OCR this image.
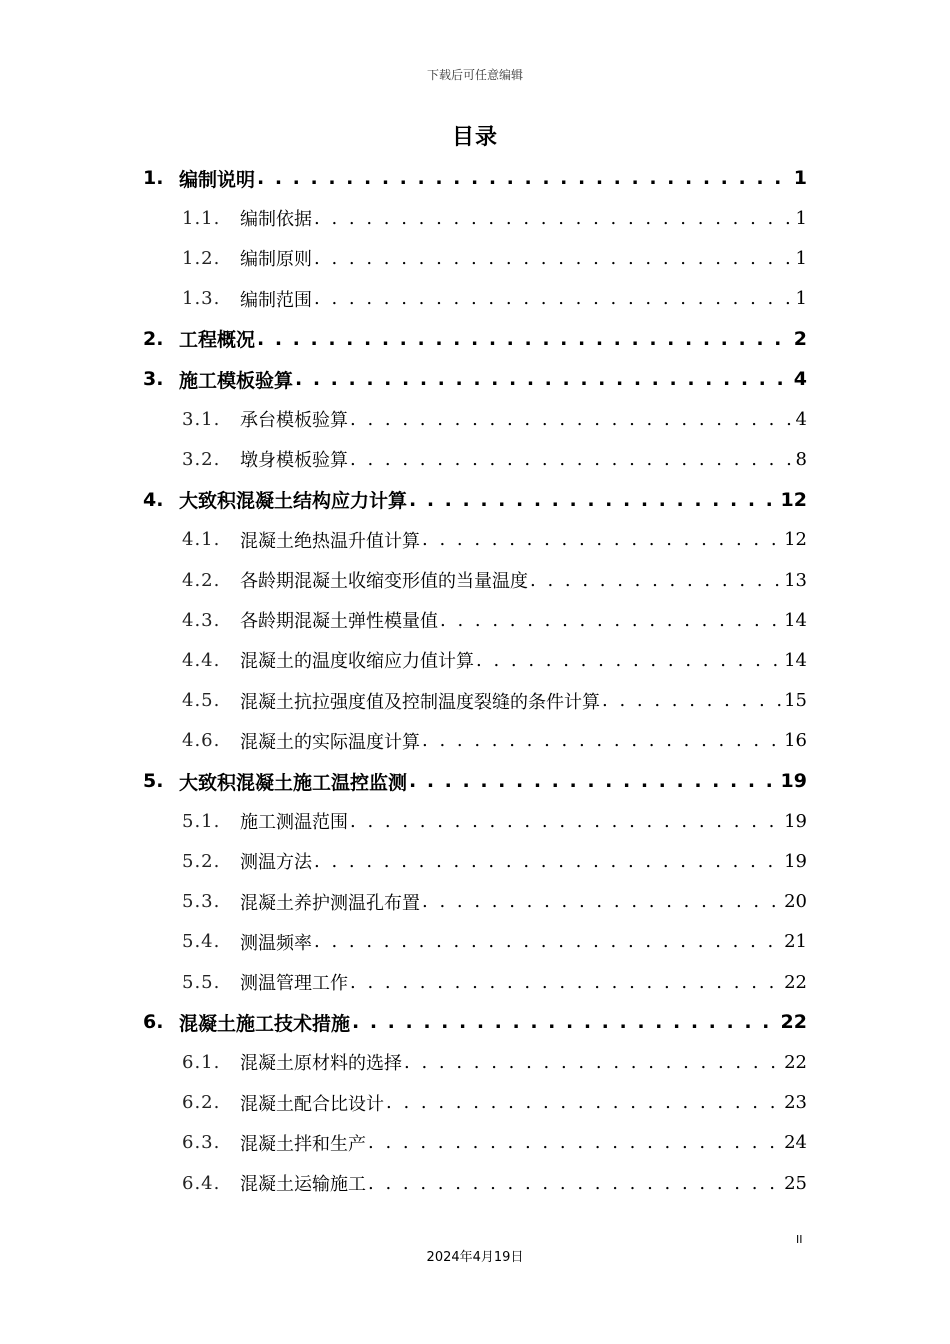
下载后可任意编辑
目录
1. 编制说明 . . .	1
1.1.	编制依据 . . .	1
1.2.	编制原则 . . .	1
1.3.	编制范围 . . .	1
2. 工程概况 . . .	2
3. 施工模板验算 . . .	4
3.1.	承台模板验算 . . .	4
3.2.	墩身模板验算 . . .	8
4. 大致积混凝土结构应力计算 . . .	12
4.1.	混凝土绝热温升值计算 . . .	12
4.2.	各龄期混凝土收缩变形值的当量温度 . . .	13
4.3.	各龄期混凝土弹性模量值 . . .	14
4.4.	混凝土的温度收缩应力值计算 . . .	14
4.5.	混凝土抗拉强度值及控制温度裂缝的条件计算 . . .	15
4.6.	混凝土的实际温度计算 . . .	16
5. 大致积混凝土施工温控监测 . . .	19
5.1.	施工测温范围 . . .	19
5.2.	测温方法 . . .	19
5.3.	混凝土养护测温孔布置 . . .	20
5.4.	测温频率 . . .	21
5.5.	测温管理工作 . . .	22
6. 混凝土施工技术措施 . . .	22
6.1.	混凝土原材料的选择 . . .	22
6.2.	混凝土配合比设计 . . .	23
6.3.	混凝土拌和生产 . . .	24
6.4.	混凝土运输施工 . . .	25
II
2024年4月19日
